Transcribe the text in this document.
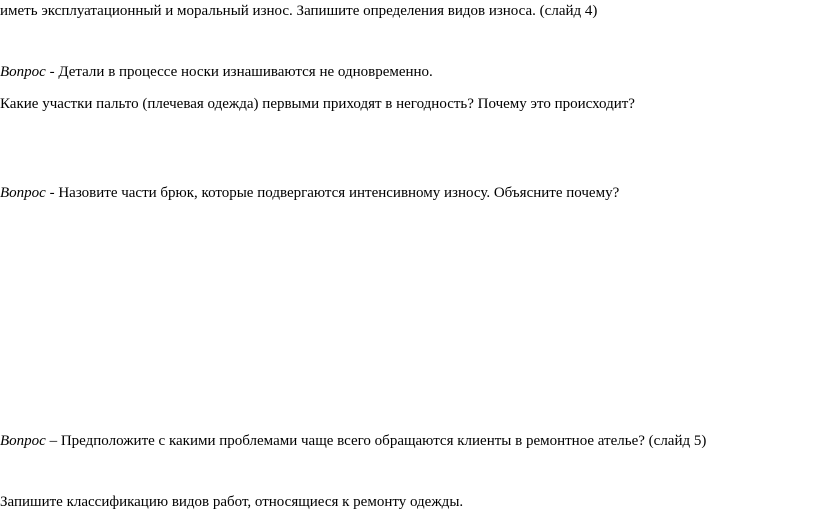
иметь эксплуатационный и моральный износ. Запишите определения видов износа. (слайд 4)
Вопрос - Детали в процессе носки изнашиваются не одновременно.
Какие участки пальто (плечевая одежда) первыми приходят в негодность? Почему это происходит?
Вопрос - Назовите части брюк, которые подвергаются интенсивному износу. Объясните почему?
Вопрос – Предположите с какими проблемами чаще всего обращаются клиенты в ремонтное ателье? (слайд 5)
Запишите классификацию видов работ, относящиеся к ремонту одежды.
